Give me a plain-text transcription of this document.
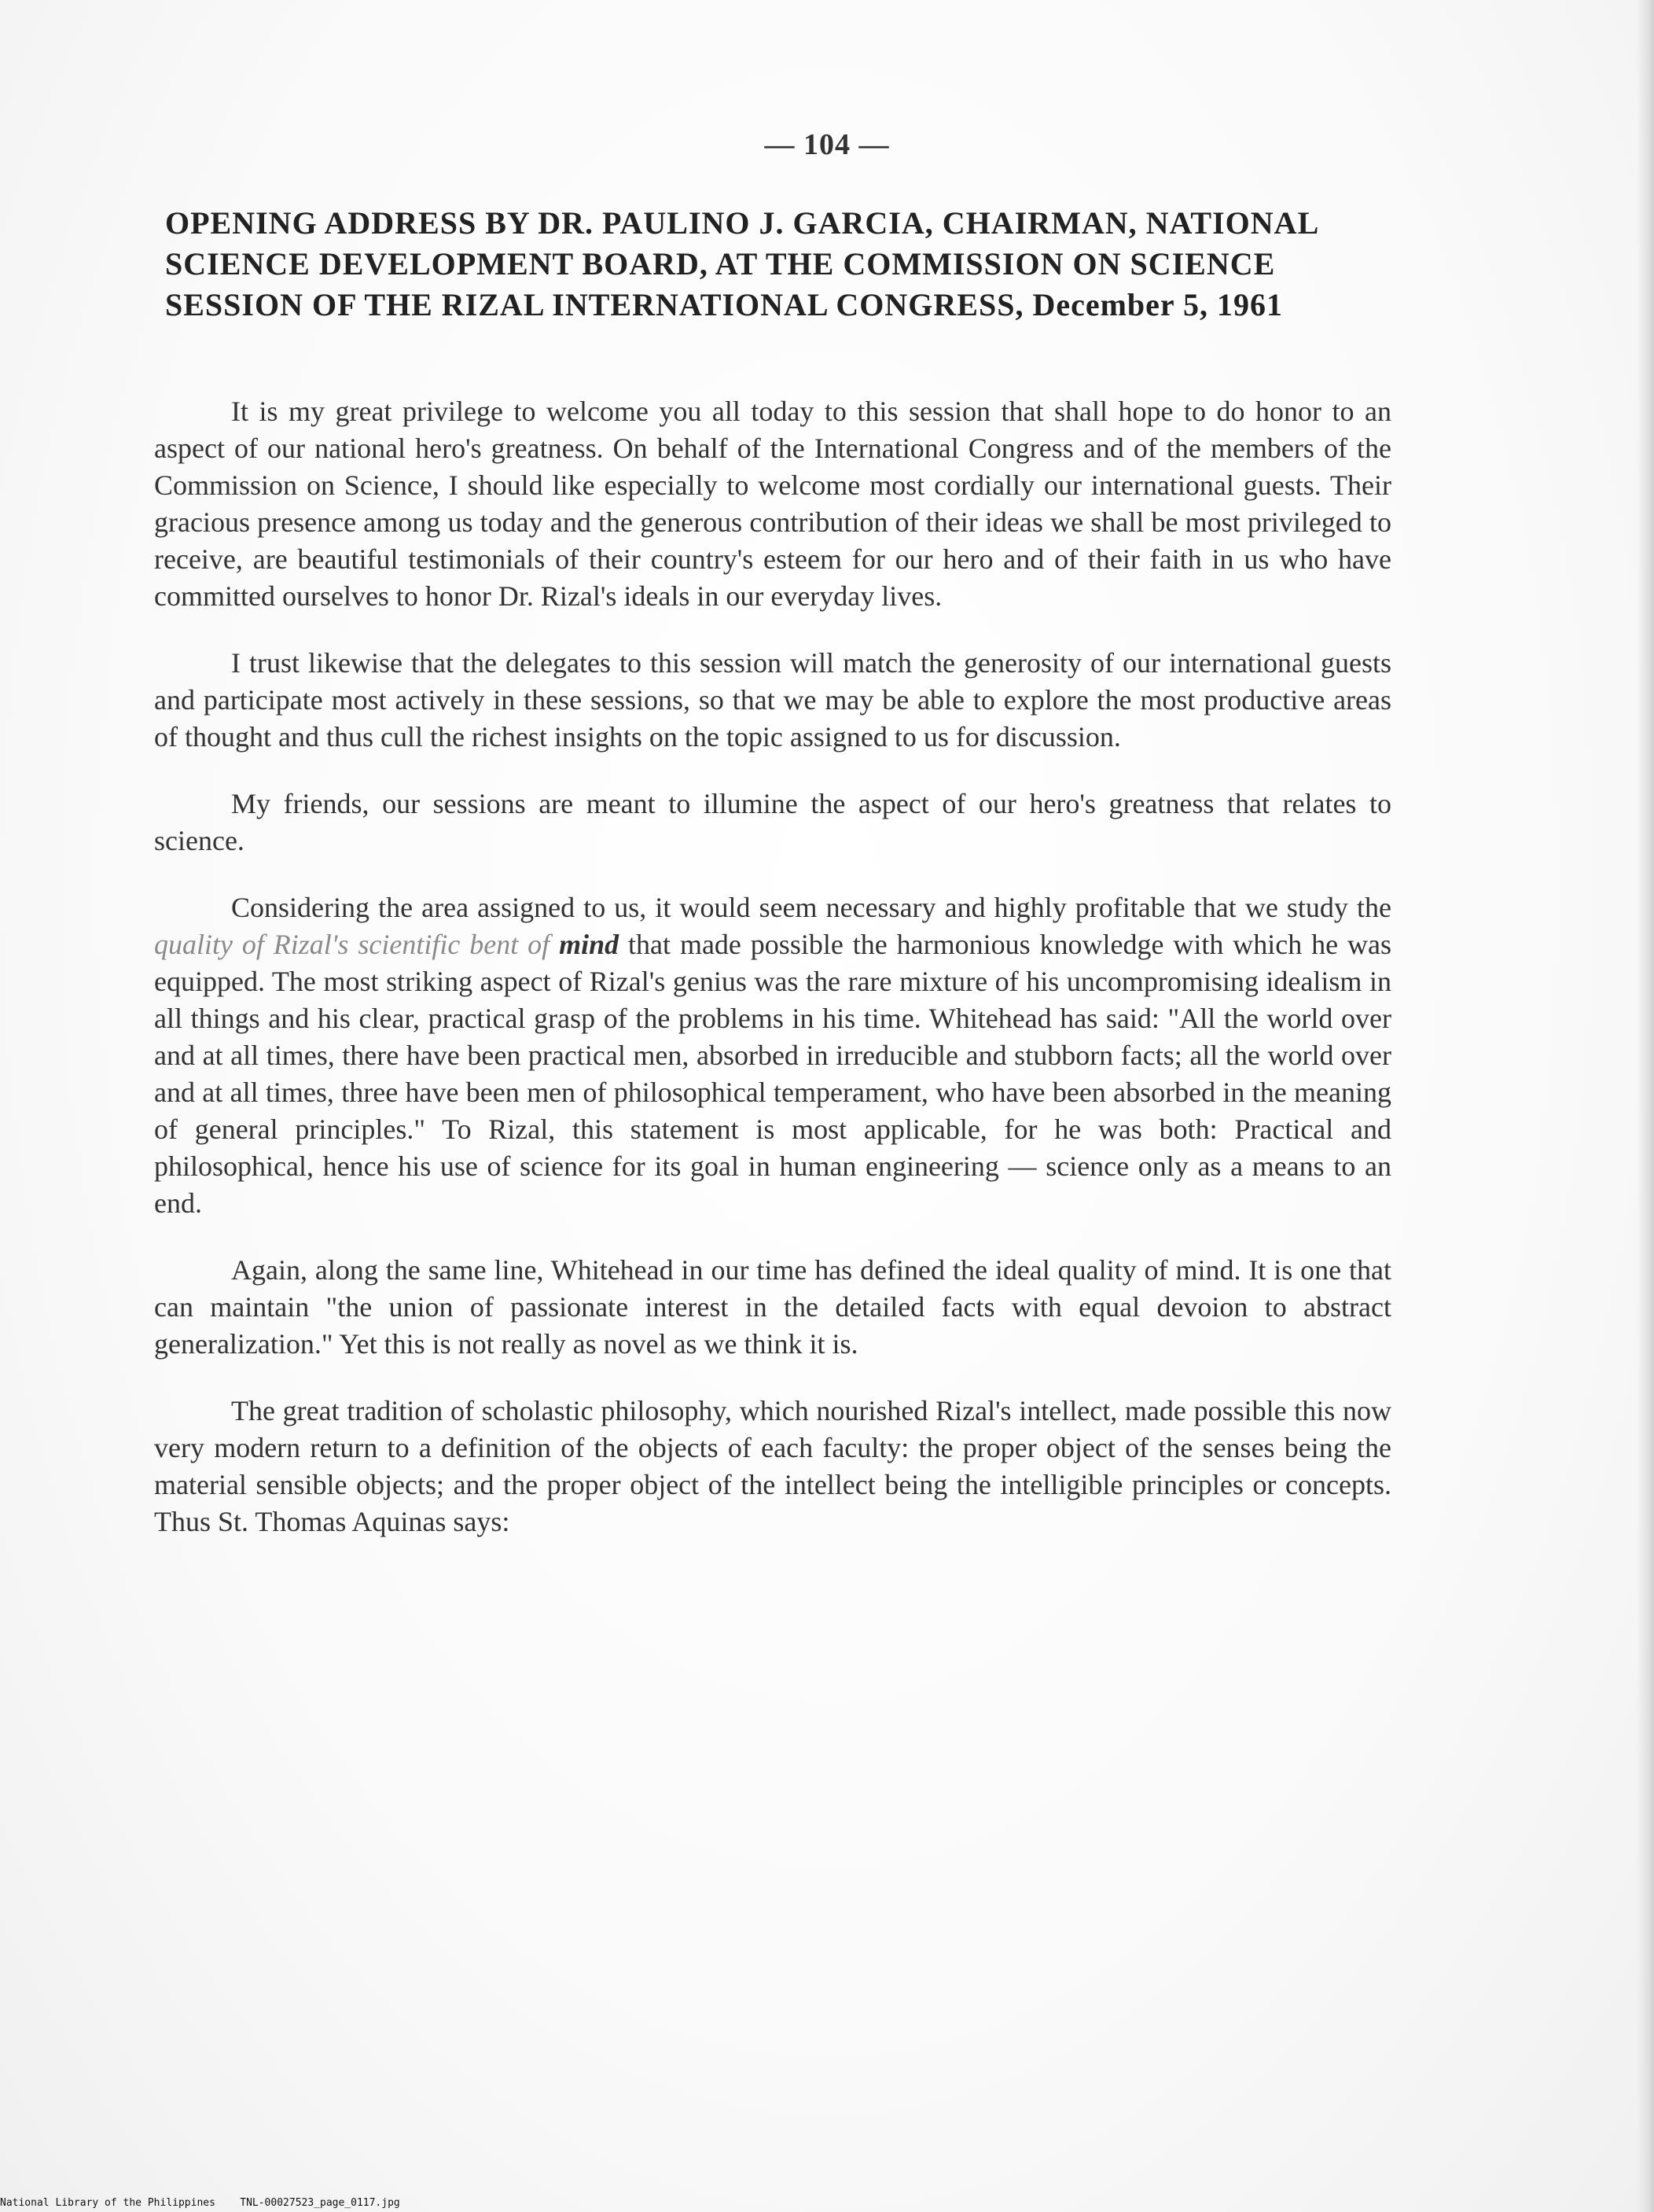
— 104 —
OPENING ADDRESS BY DR. PAULINO J. GARCIA, CHAIRMAN, NATIONAL SCIENCE DEVELOPMENT BOARD, AT THE COMMISSION ON SCIENCE SESSION OF THE RIZAL INTERNATIONAL CONGRESS, December 5, 1961

It is my great privilege to welcome you all today to this session that shall hope to do honor to an aspect of our national hero's greatness. On behalf of the International Congress and of the members of the Commission on Science, I should like especially to welcome most cordially our international guests. Their gracious presence among us today and the generous contribution of their ideas we shall be most privileged to receive, are beautiful testimonials of their country's esteem for our hero and of their faith in us who have committed ourselves to honor Dr. Rizal's ideals in our everyday lives.

I trust likewise that the delegates to this session will match the generosity of our international guests and participate most actively in these sessions, so that we may be able to explore the most productive areas of thought and thus cull the richest insights on the topic assigned to us for discussion.

My friends, our sessions are meant to illumine the aspect of our hero's greatness that relates to science.

Considering the area assigned to us, it would seem necessary and highly profitable that we study the quality of Rizal's scientific bent of mind that made possible the harmonious knowledge with which he was equipped. The most striking aspect of Rizal's genius was the rare mixture of his uncompromising idealism in all things and his clear, practical grasp of the problems in his time. Whitehead has said: "All the world over and at all times, there have been practical men, absorbed in irreducible and stubborn facts; all the world over and at all times, three have been men of philosophical temperament, who have been absorbed in the meaning of general principles." To Rizal, this statement is most applicable, for he was both: Practical and philosophical, hence his use of science for its goal in human engineering — science only as a means to an end.

Again, along the same line, Whitehead in our time has defined the ideal quality of mind. It is one that can maintain "the union of passionate interest in the detailed facts with equal devoion to abstract generalization." Yet this is not really as novel as we think it is.

The great tradition of scholastic philosophy, which nourished Rizal's intellect, made possible this now very modern return to a definition of the objects of each faculty: the proper object of the senses being the material sensible objects; and the proper object of the intellect being the intelligible principles or concepts. Thus St. Thomas Aquinas says:

National Library of the Philippines TNL-00027523_page_0117.jpg
